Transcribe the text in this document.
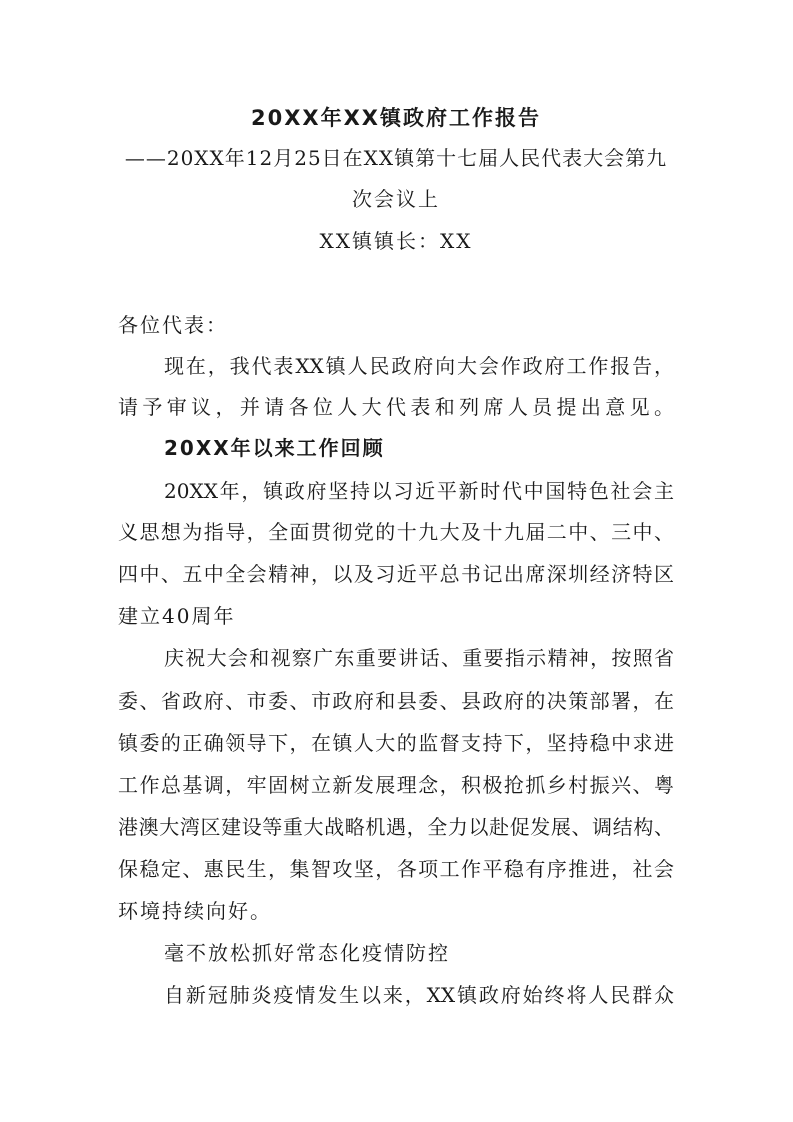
20XX年XX镇政府工作报告
——20XX年12月25日在XX镇第十七届人民代表大会第九
次会议上
XX镇镇长：XX
各位代表：
现在，我代表XX镇人民政府向大会作政府工作报告，
请予审议，并请各位人大代表和列席人员提出意见。
20XX年以来工作回顾
20XX年，镇政府坚持以习近平新时代中国特色社会主
义思想为指导，全面贯彻党的十九大及十九届二中、三中、
四中、五中全会精神，以及习近平总书记出席深圳经济特区
建立40周年
庆祝大会和视察广东重要讲话、重要指示精神，按照省
委、省政府、市委、市政府和县委、县政府的决策部署，在
镇委的正确领导下，在镇人大的监督支持下，坚持稳中求进
工作总基调，牢固树立新发展理念，积极抢抓乡村振兴、粤
港澳大湾区建设等重大战略机遇，全力以赴促发展、调结构、
保稳定、惠民生，集智攻坚，各项工作平稳有序推进，社会
环境持续向好。
毫不放松抓好常态化疫情防控
自新冠肺炎疫情发生以来，XX镇政府始终将人民群众
